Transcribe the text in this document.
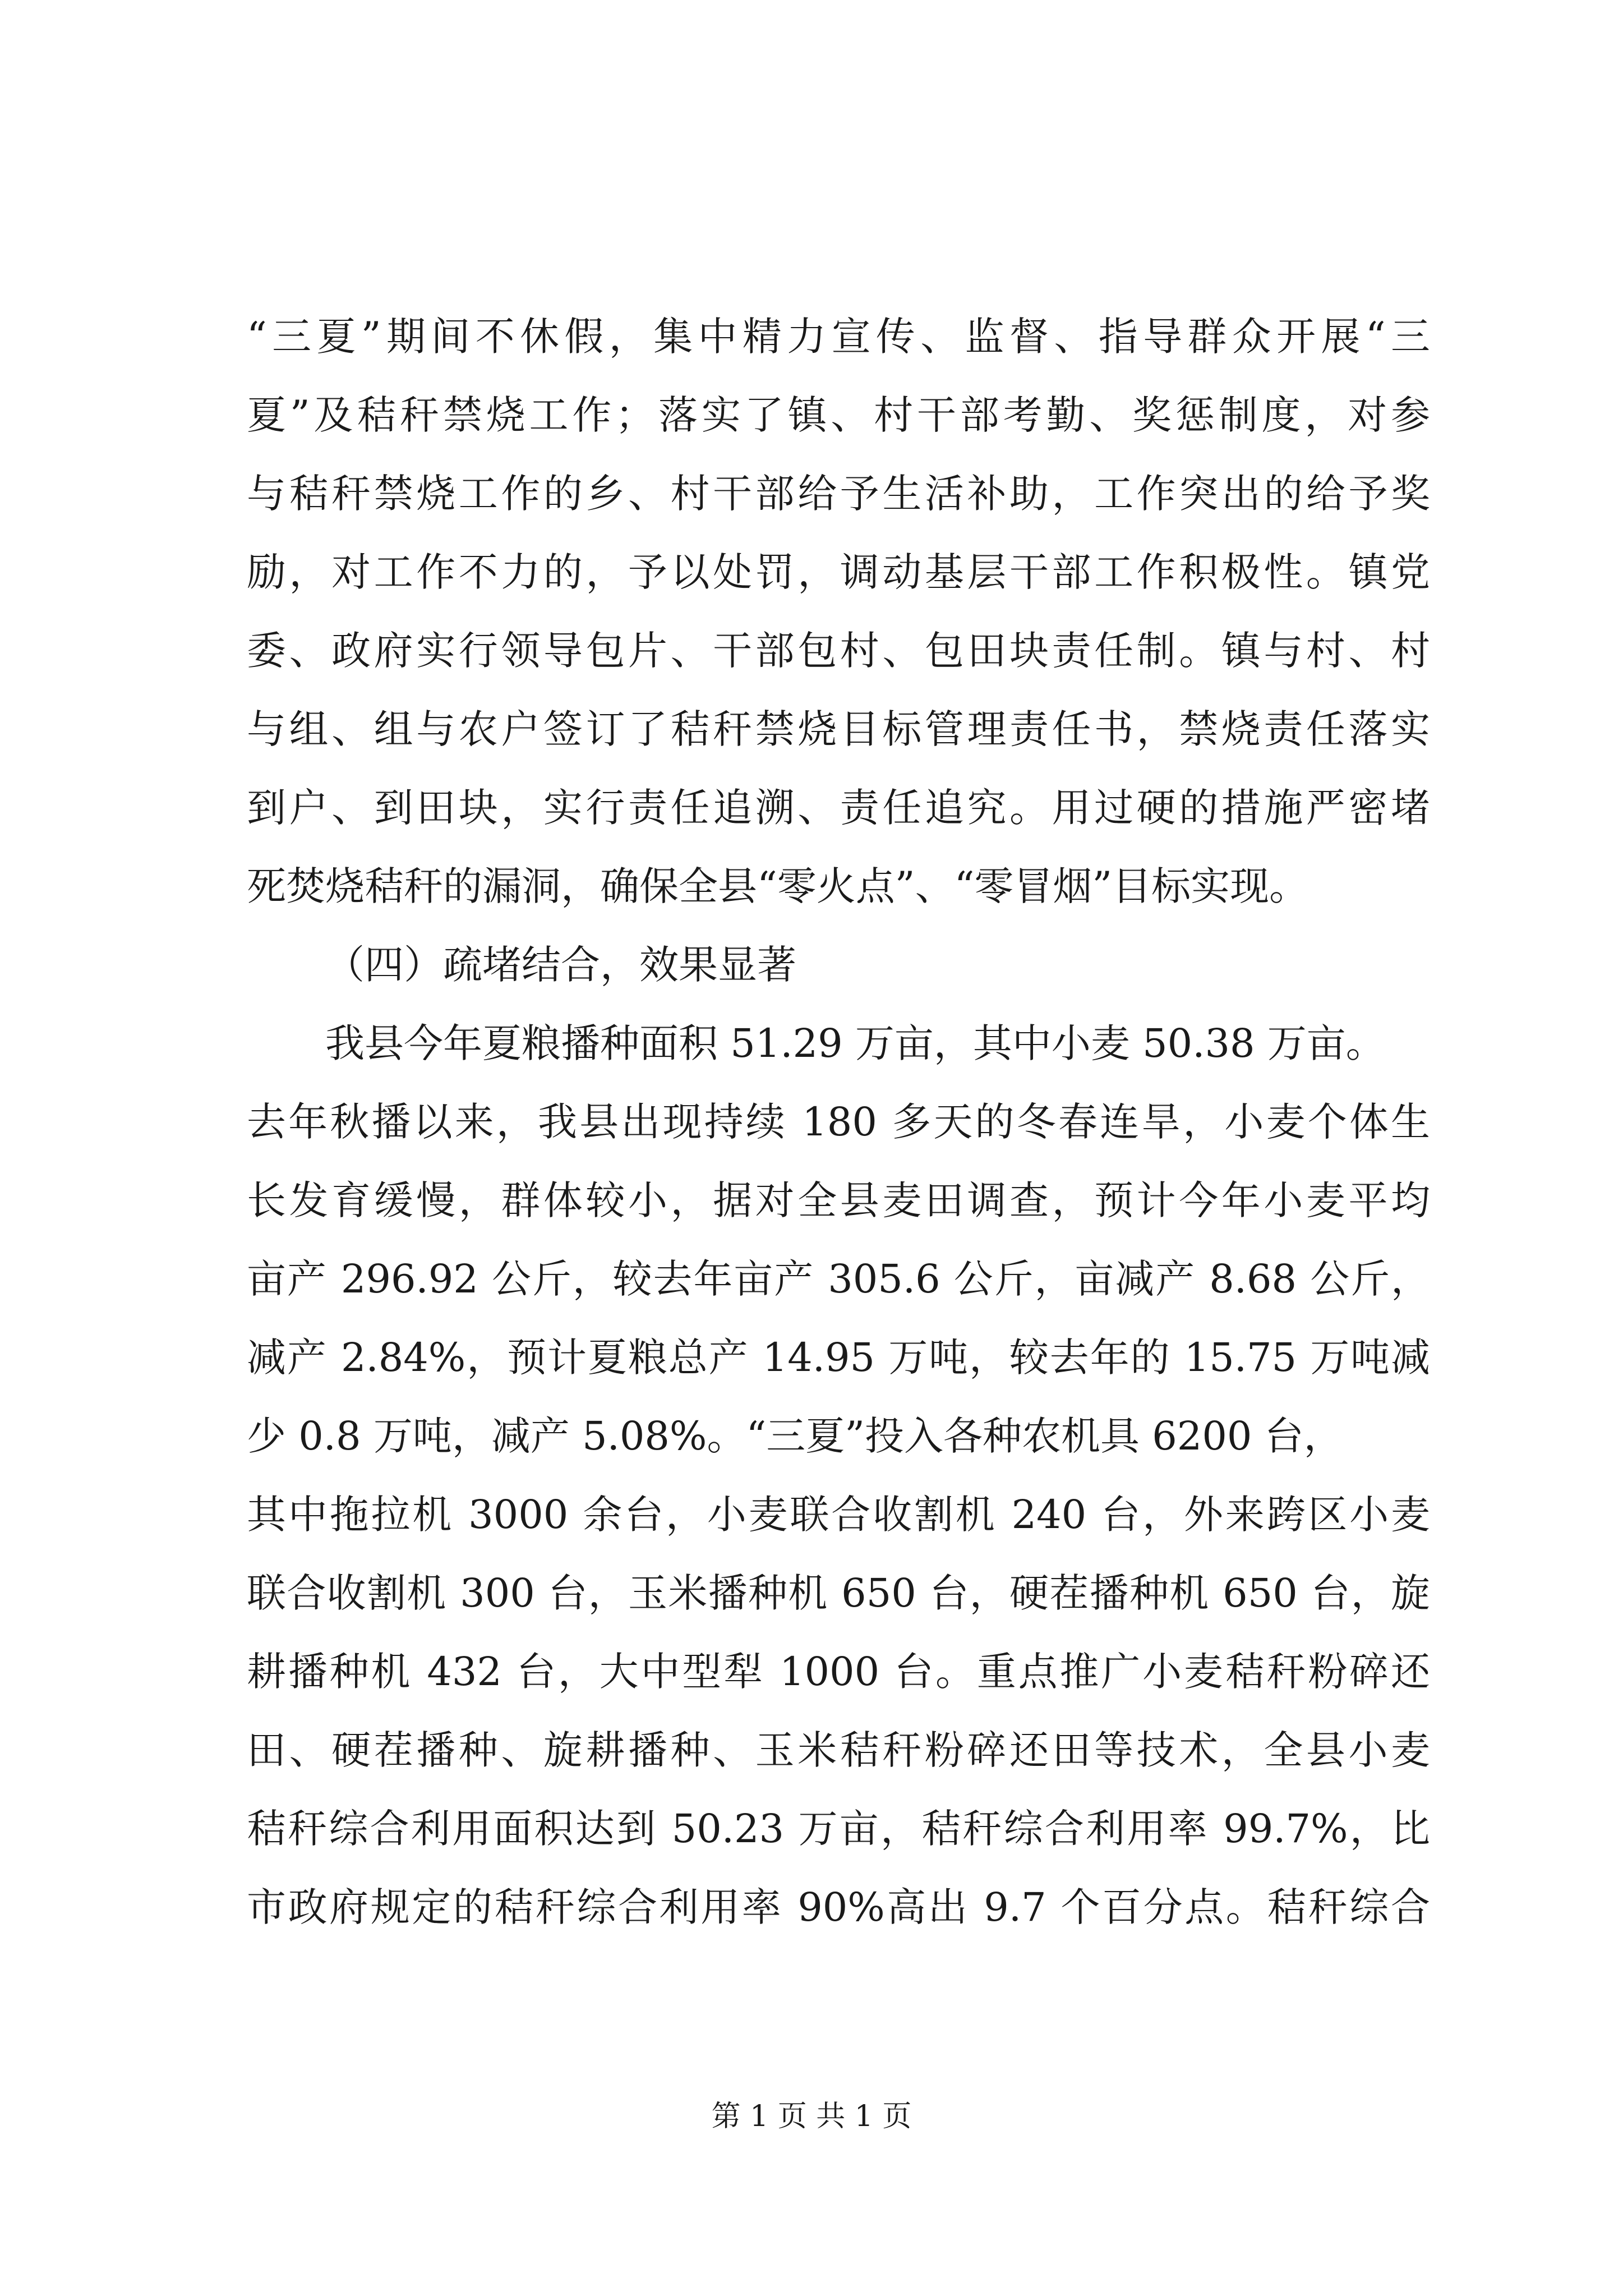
“三夏”期间不休假，集中精力宣传、监督、指导群众开展“三
夏”及秸秆禁烧工作；落实了镇、村干部考勤、奖惩制度，对参
与秸秆禁烧工作的乡、村干部给予生活补助，工作突出的给予奖
励，对工作不力的，予以处罚，调动基层干部工作积极性。镇党
委、政府实行领导包片、干部包村、包田块责任制。镇与村、村
与组、组与农户签订了秸秆禁烧目标管理责任书，禁烧责任落实
到户、到田块，实行责任追溯、责任追究。用过硬的措施严密堵
死焚烧秸秆的漏洞，确保全县“零火点”、“零冒烟”目标实现。
（四）疏堵结合，效果显著
我县今年夏粮播种面积 51.29 万亩，其中小麦 50.38 万亩。
去年秋播以来，我县出现持续 180 多天的冬春连旱，小麦个体生
长发育缓慢，群体较小，据对全县麦田调查，预计今年小麦平均
亩产 296.92 公斤，较去年亩产 305.6 公斤，亩减产 8.68 公斤，
减产 2.84%，预计夏粮总产 14.95 万吨，较去年的 15.75 万吨减
少 0.8 万吨，减产 5.08%。“三夏”投入各种农机具 6200 台，
其中拖拉机 3000 余台，小麦联合收割机 240 台，外来跨区小麦
联合收割机 300 台，玉米播种机 650 台，硬茬播种机 650 台，旋
耕播种机 432 台，大中型犁 1000 台。重点推广小麦秸秆粉碎还
田、硬茬播种、旋耕播种、玉米秸秆粉碎还田等技术，全县小麦
秸秆综合利用面积达到 50.23 万亩，秸秆综合利用率 99.7%，比
市政府规定的秸秆综合利用率 90%高出 9.7 个百分点。秸秆综合
第 1 页 共 1 页
